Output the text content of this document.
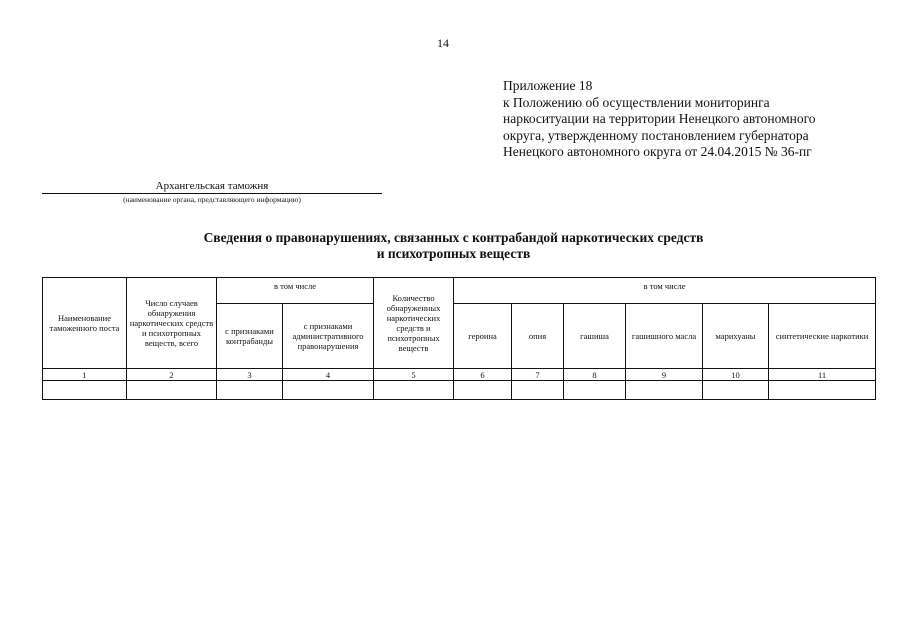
14
Приложение 18
к Положению об осуществлении мониторинга
наркоситуации на территории Ненецкого автономного
округа, утвержденному постановлением губернатора
Ненецкого автономного округа от 24.04.2015 № 36-пг
Архангельская таможня
(наименование органа, представляющего информацию)
Сведения о правонарушениях, связанных с контрабандой наркотических средств
и психотропных веществ
Наименование таможенного поста	Число случаев обнаружения наркотических средств и психотропных веществ, всего	в том числе		Количество обнаруженных наркотических средств и психотропных веществ	в том числе					
		с признаками контрабанды	с признаками административного правонарушения		героина	опия	гашиша	гашишного масла	марихуаны	синтетические наркотики
1	2	3	4	5	6	7	8	9	10	11
